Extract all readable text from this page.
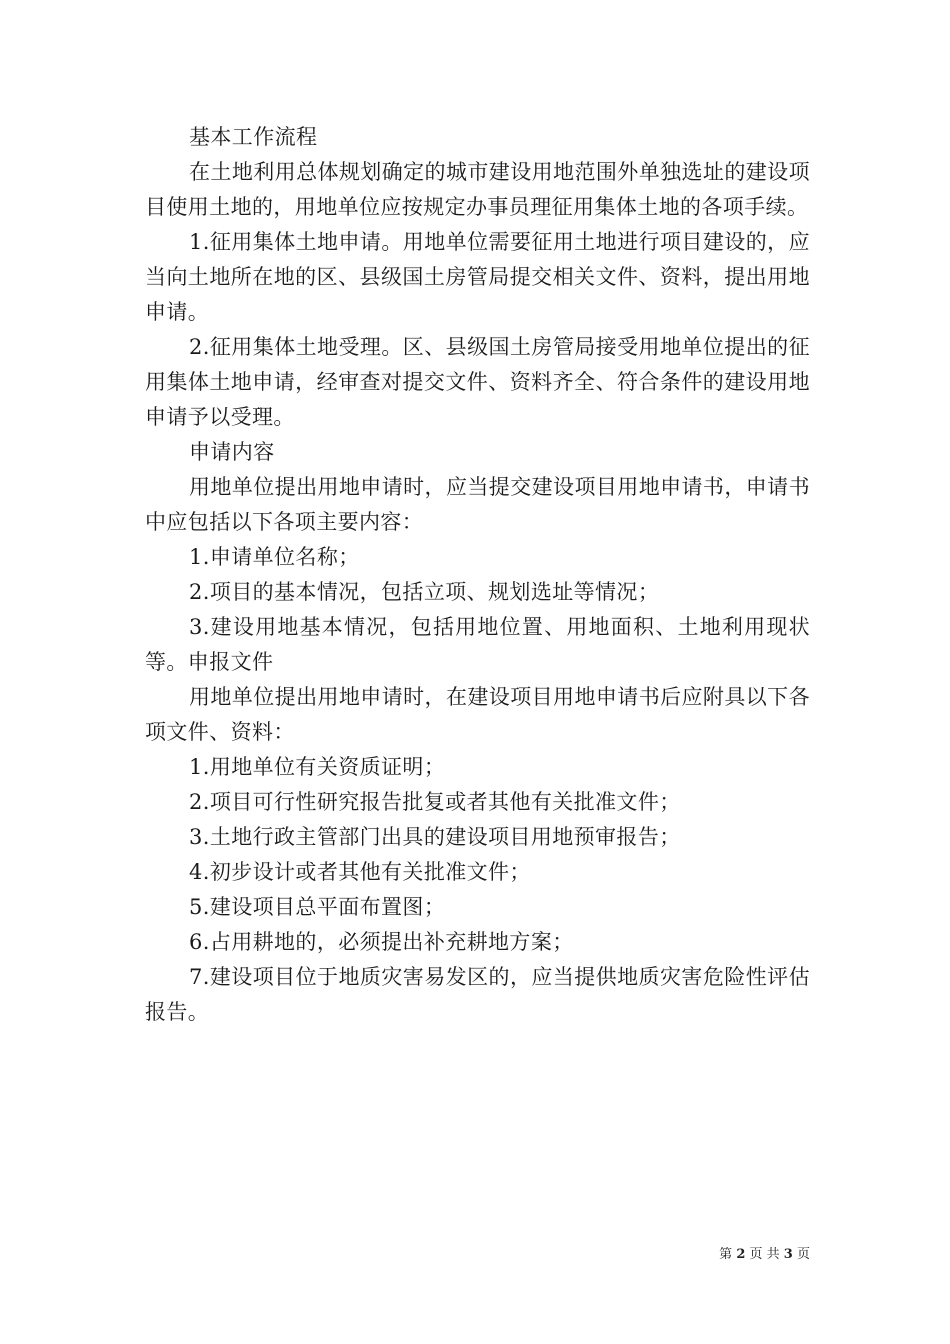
基本工作流程

在土地利用总体规划确定的城市建设用地范围外单独选址的建设项目使用土地的，用地单位应按规定办事员理征用集体土地的各项手续。

1.征用集体土地申请。用地单位需要征用土地进行项目建设的，应当向土地所在地的区、县级国土房管局提交相关文件、资料，提出用地申请。

2.征用集体土地受理。区、县级国土房管局接受用地单位提出的征用集体土地申请，经审查对提交文件、资料齐全、符合条件的建设用地申请予以受理。

申请内容

用地单位提出用地申请时，应当提交建设项目用地申请书，申请书中应包括以下各项主要内容：

1.申请单位名称；

2.项目的基本情况，包括立项、规划选址等情况；

3.建设用地基本情况，包括用地位置、用地面积、土地利用现状等。申报文件

用地单位提出用地申请时，在建设项目用地申请书后应附具以下各项文件、资料：

1.用地单位有关资质证明；

2.项目可行性研究报告批复或者其他有关批准文件；

3.土地行政主管部门出具的建设项目用地预审报告；

4.初步设计或者其他有关批准文件；

5.建设项目总平面布置图；

6.占用耕地的，必须提出补充耕地方案；

7.建设项目位于地质灾害易发区的，应当提供地质灾害危险性评估报告。

第 2 页 共 3 页
